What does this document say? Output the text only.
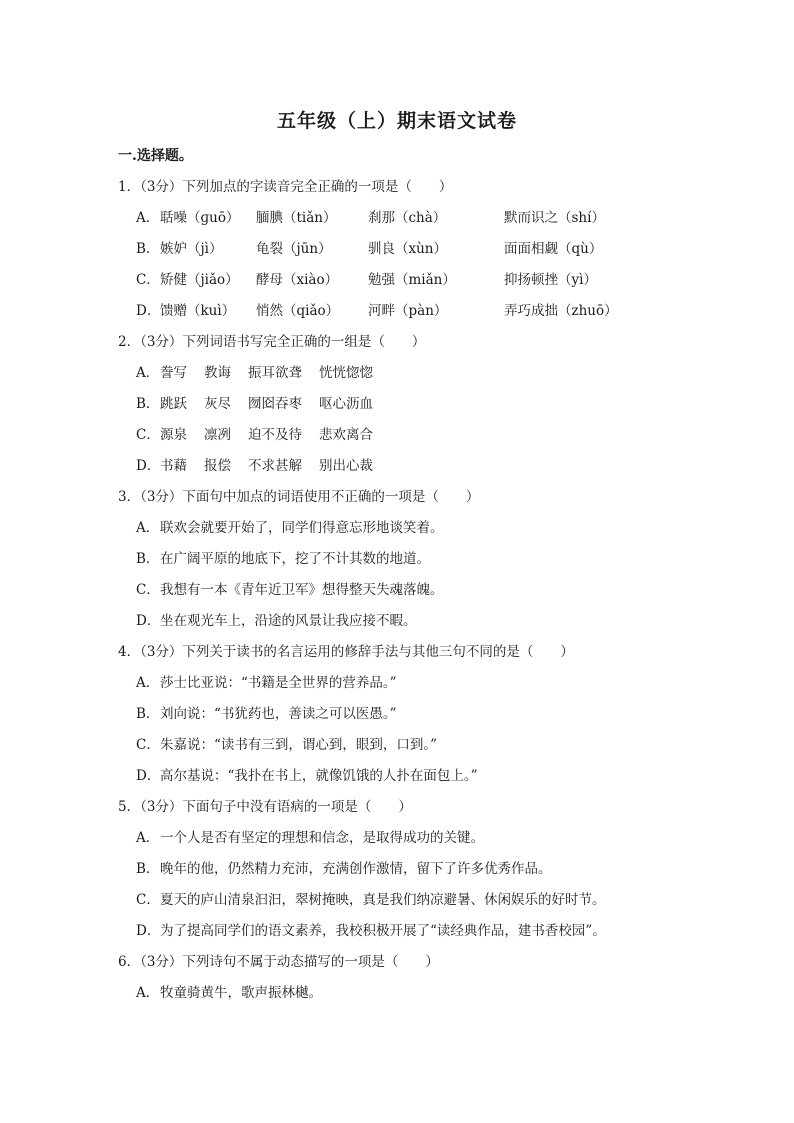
五年级（上）期末语文试卷
一.选择题。
1．（3分）下列加点的字读音完全正确的一项是（　　）
A．聒噪（ɡuō） 腼腆（tiǎn） 刹那（chà）	默而识之（shí）
B．嫉妒（jì） 龟裂（jūn）	驯良（xùn）	面面相觑（qù）
C．矫健（jiǎo） 酵母（xiào） 勉强（miǎn）	抑扬顿挫（yì）
D．馈赠（kuì） 悄然（qiǎo） 河畔（pàn）	弄巧成拙（zhuō）
2．（3分）下列词语书写完全正确的一组是（　　）
A．誊写 教诲 振耳欲聋 恍恍惚惚
B．跳跃 灰尽 囫囵吞枣 呕心沥血
C．源泉 凛冽 迫不及待 悲欢离合
D．书藉 报偿 不求甚解 别出心裁
3．（3分）下面句中加点的词语使用不正确的一项是（　　）
A．联欢会就要开始了，同学们得意忘形地谈笑着。
B．在广阔平原的地底下，挖了不计其数的地道。
C．我想有一本《青年近卫军》想得整天失魂落魄。
D．坐在观光车上，沿途的风景让我应接不暇。
4．（3分）下列关于读书的名言运用的修辞手法与其他三句不同的是（　　）
A．莎士比亚说：“书籍是全世界的营养品。”
B．刘向说：“书犹药也，善读之可以医愚。”
C．朱嘉说：“读书有三到，谓心到，眼到，口到。”
D．高尔基说：“我扑在书上，就像饥饿的人扑在面包上。”
5．（3分）下面句子中没有语病的一项是（　　）
A．一个人是否有坚定的理想和信念，是取得成功的关键。
B．晚年的他，仍然精力充沛，充满创作激情，留下了许多优秀作品。
C．夏天的庐山清泉汩汩，翠树掩映，真是我们纳凉避暑、休闲娱乐的好时节。
D．为了提高同学们的语文素养，我校积极开展了“读经典作品，建书香校园”。
6．（3分）下列诗句不属于动态描写的一项是（　　）
A．牧童骑黄牛，歌声振林樾。
